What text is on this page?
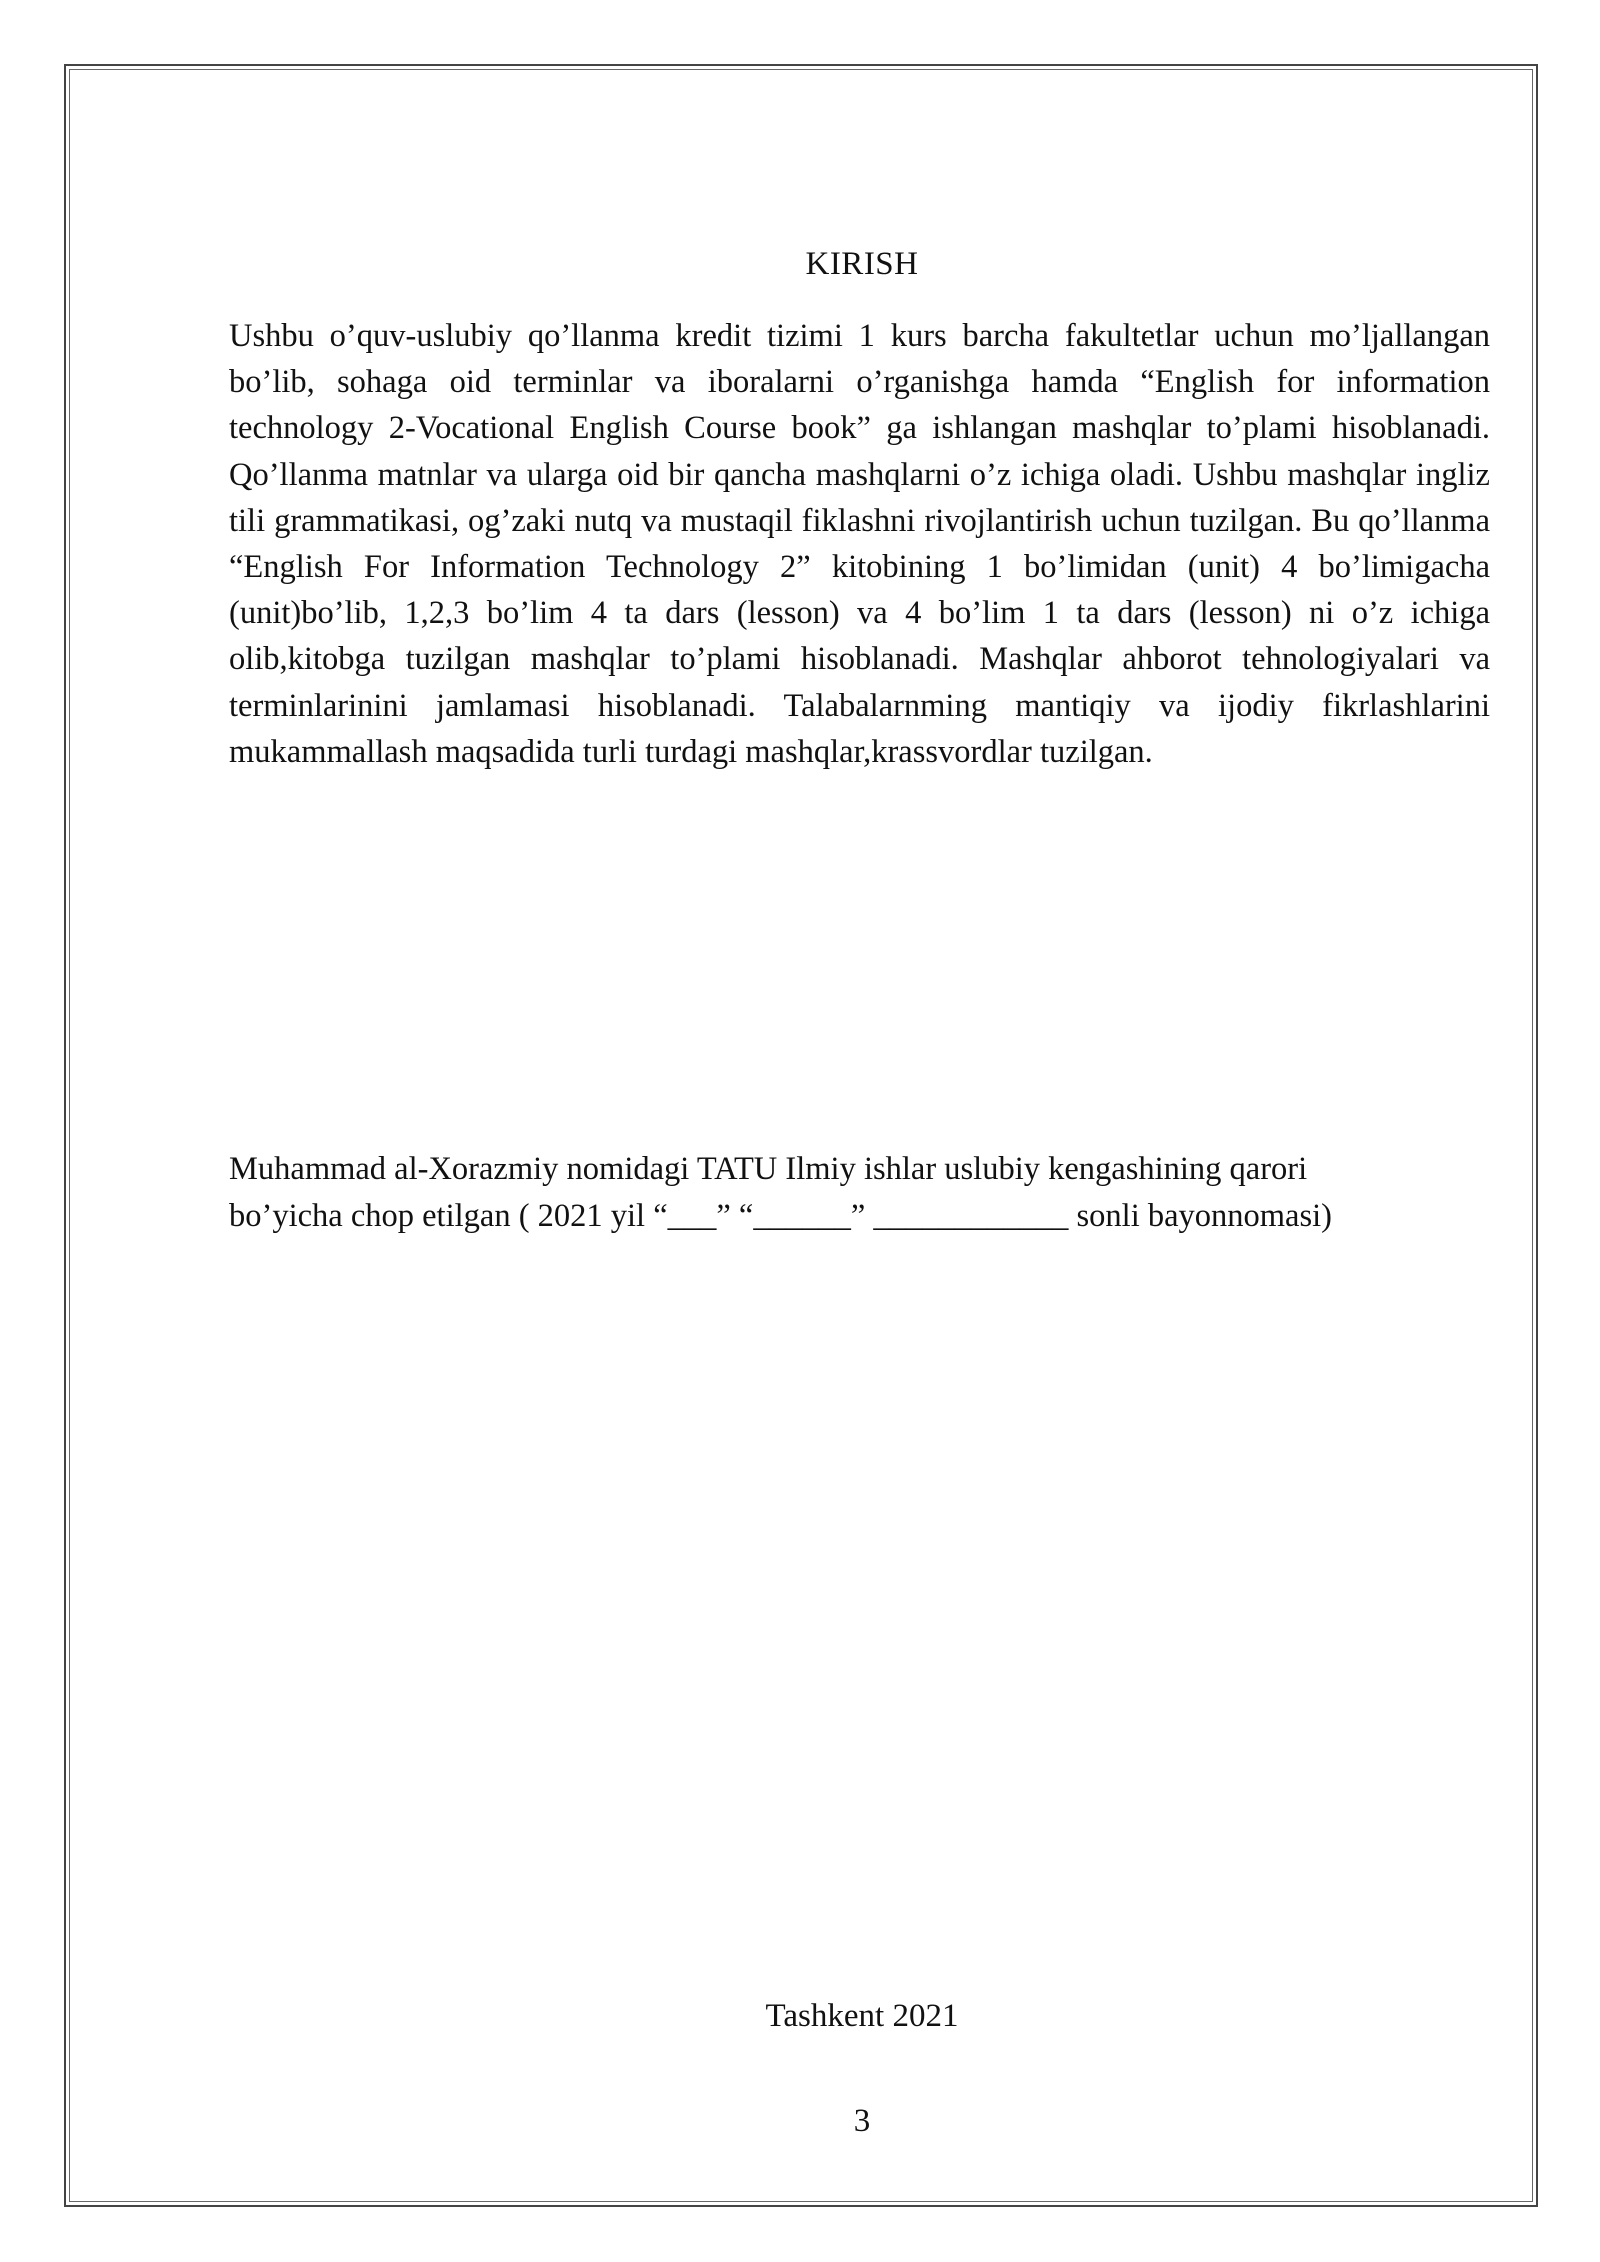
KIRISH

Ushbu o’quv-uslubiy qo’llanma kredit tizimi 1 kurs barcha fakultetlar uchun mo’ljallangan bo’lib, sohaga oid terminlar va iboralarni o’rganishga hamda “English for information technology 2-Vocational English Course book” ga ishlangan mashqlar to’plami hisoblanadi. Qo’llanma matnlar va ularga oid bir qancha mashqlarni o’z ichiga oladi. Ushbu mashqlar ingliz tili grammatikasi, og’zaki nutq va mustaqil fiklashni rivojlantirish uchun tuzilgan. Bu qo’llanma “English For Information Technology 2” kitobining 1 bo’limidan (unit) 4 bo’limigacha (unit)bo’lib, 1,2,3 bo’lim 4 ta dars (lesson) va 4 bo’lim 1 ta dars (lesson) ni o’z ichiga olib,kitobga tuzilgan mashqlar to’plami hisoblanadi. Mashqlar ahborot tehnologiyalari va terminlarinini jamlamasi hisoblanadi. Talabalarnming mantiqiy va ijodiy fikrlashlarini mukammallash maqsadida turli turdagi mashqlar,krassvordlar tuzilgan.

Muhammad al-Xorazmiy nomidagi TATU Ilmiy ishlar uslubiy kengashining qarori
bo’yicha chop etilgan ( 2021 yil “___” “______” ____________ sonli bayonnomasi)

Tashkent 2021
3
